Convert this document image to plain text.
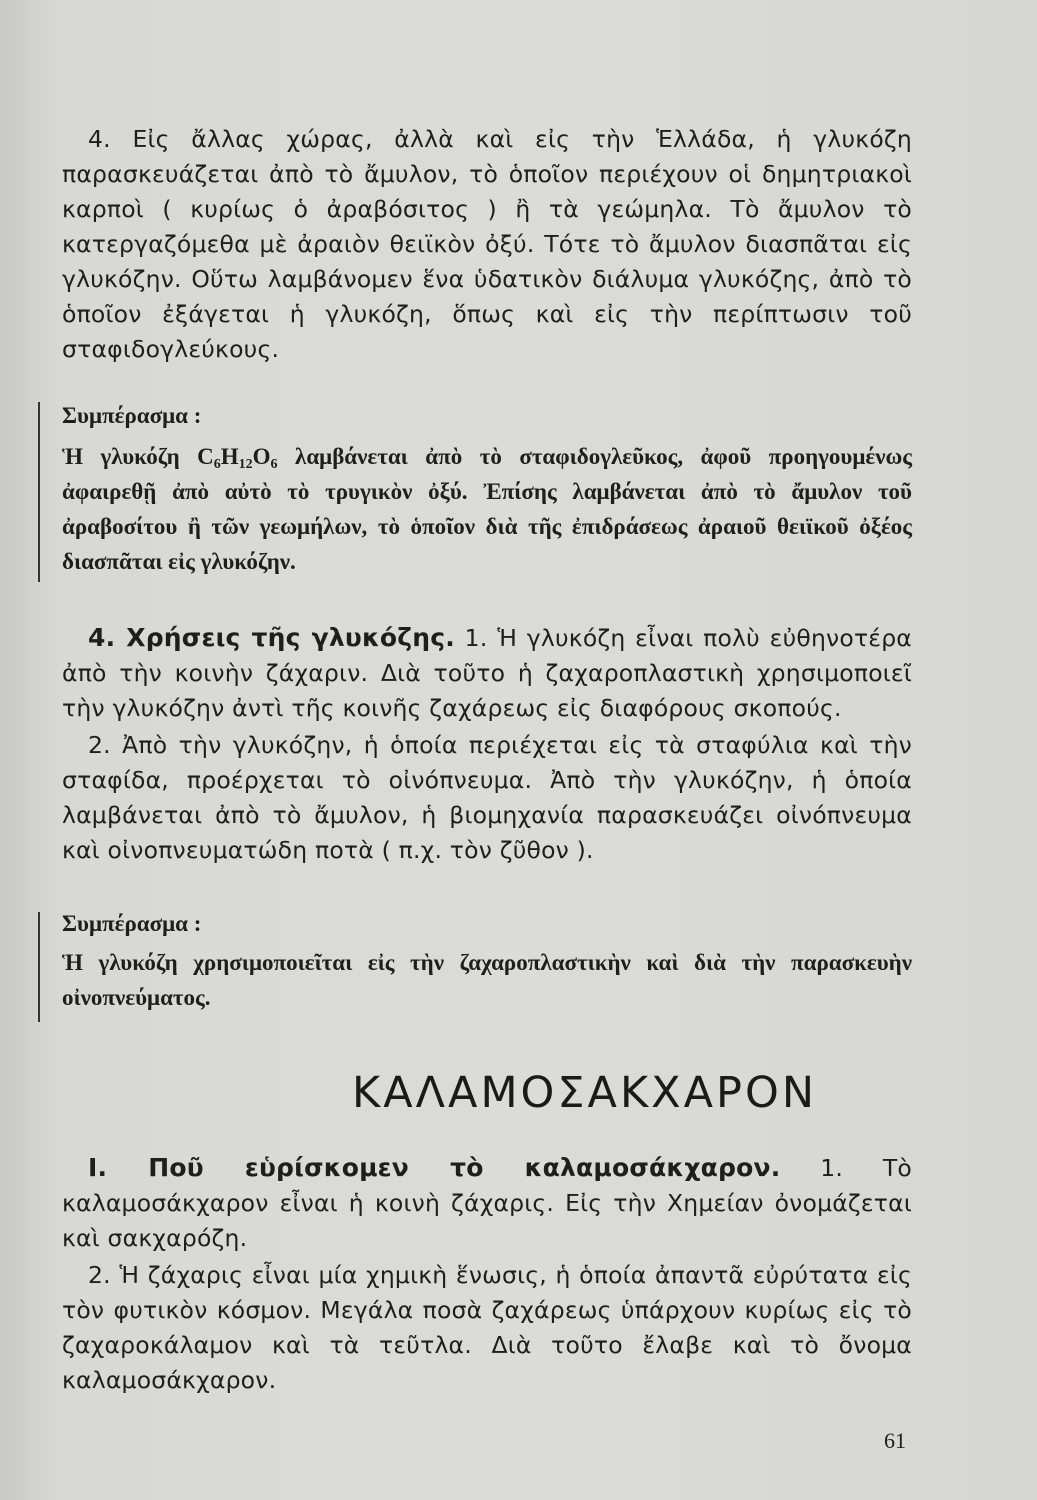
4. Εἰς ἄλλας χώρας, ἀλλὰ καὶ εἰς τὴν Ἑλλάδα, ἡ γλυκόζη παρασκευάζεται ἀπὸ τὸ ἄμυλον, τὸ ὁποῖον περιέχουν οἱ δημητριακοὶ καρποὶ ( κυρίως ὁ ἀραβόσιτος ) ἢ τὰ γεώμηλα. Τὸ ἄμυλον τὸ κατεργαζόμεθα μὲ ἀραιὸν θειϊκὸν ὀξύ. Τότε τὸ ἄμυλον διασπᾶται εἰς γλυκόζην. Οὕτω λαμβάνομεν ἕνα ὑδατικὸν διάλυμα γλυκόζης, ἀπὸ τὸ ὁποῖον ἐξάγεται ἡ γλυκόζη, ὅπως καὶ εἰς τὴν περίπτωσιν τοῦ σταφιδογλεύκους.

Συμπέρασμα :

Ἡ γλυκόζη $C_6H_{12}O_6$ λαμβάνεται ἀπὸ τὸ σταφιδογλεῦκος, ἀφοῦ προηγουμένως ἀφαιρεθῇ ἀπὸ αὐτὸ τὸ τρυγικὸν ὀξύ. Ἐπίσης λαμβάνεται ἀπὸ τὸ ἄμυλον τοῦ ἀραβοσίτου ἢ τῶν γεωμήλων, τὸ ὁποῖον διὰ τῆς ἐπιδράσεως ἀραιοῦ θειϊκοῦ ὀξέος διασπᾶται εἰς γλυκόζην.

4. Χρήσεις τῆς γλυκόζης. 1. Ἡ γλυκόζη εἶναι πολὺ εὐθηνοτέρα ἀπὸ τὴν κοινὴν ζάχαριν. Διὰ τοῦτο ἡ ζαχαροπλαστικὴ χρησιμοποιεῖ τὴν γλυκόζην ἀντὶ τῆς κοινῆς ζαχάρεως εἰς διαφόρους σκοπούς.

2. Ἀπὸ τὴν γλυκόζην, ἡ ὁποία περιέχεται εἰς τὰ σταφύλια καὶ τὴν σταφίδα, προέρχεται τὸ οἰνόπνευμα. Ἀπὸ τὴν γλυκόζην, ἡ ὁποία λαμβάνεται ἀπὸ τὸ ἄμυλον, ἡ βιομηχανία παρασκευάζει οἰνόπνευμα καὶ οἰνοπνευματώδη ποτὰ ( π.χ. τὸν ζῦθον ).

Συμπέρασμα :

Ἡ γλυκόζη χρησιμοποιεῖται εἰς τὴν ζαχαροπλαστικὴν καὶ διὰ τὴν παρασκευὴν οἰνοπνεύματος.

ΚΑΛΑΜΟΣΑΚΧΑΡΟΝ

Ι. Ποῦ εὑρίσκομεν τὸ καλαμοσάκχαρον. 1. Τὸ καλαμοσάκχαρον εἶναι ἡ κοινὴ ζάχαρις. Εἰς τὴν Χημείαν ὀνομάζεται καὶ σακχαρόζη.

2. Ἡ ζάχαρις εἶναι μία χημικὴ ἕνωσις, ἡ ὁποία ἀπαντᾶ εὐρύτατα εἰς τὸν φυτικὸν κόσμον. Μεγάλα ποσὰ ζαχάρεως ὑπάρχουν κυρίως εἰς τὸ ζαχαροκάλαμον καὶ τὰ τεῦτλα. Διὰ τοῦτο ἔλαβε καὶ τὸ ὄνομα καλαμοσάκχαρον.

61
